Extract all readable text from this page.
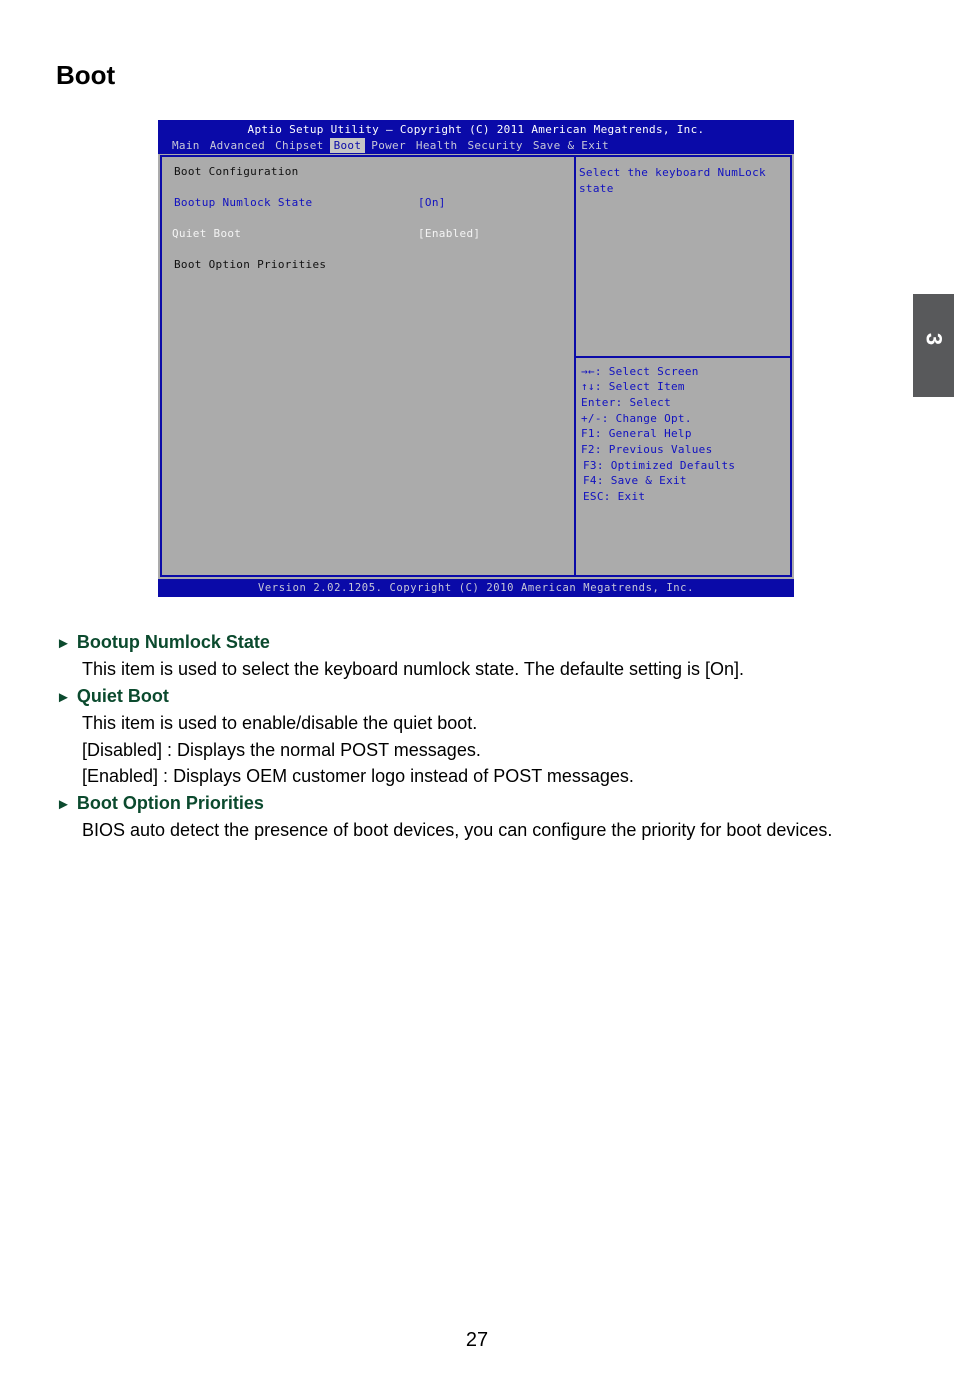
Boot
3
Aptio Setup Utility – Copyright (C) 2011 American Megatrends, Inc.
Main Advanced Chipset Boot Power Health Security Save & Exit
Boot Configuration
Bootup Numlock State	[On]
Quiet Boot	[Enabled]
Boot Option Priorities
Select the keyboard NumLock state
→←: Select Screen
↑↓: Select Item
Enter: Select
+/-: Change Opt.
F1: General Help
F2: Previous Values
F3: Optimized Defaults
F4: Save & Exit
ESC: Exit
Version 2.02.1205. Copyright (C) 2010 American Megatrends, Inc.
► Bootup Numlock State
This item is used to select the keyboard numlock state. The defaulte setting is [On].
► Quiet Boot
This item is used to enable/disable the quiet boot.
[Disabled] : Displays the normal POST messages.
[Enabled] : Displays OEM customer logo instead of POST messages.
► Boot Option Priorities
BIOS auto detect the presence of boot devices, you can configure the priority for boot devices.
27
